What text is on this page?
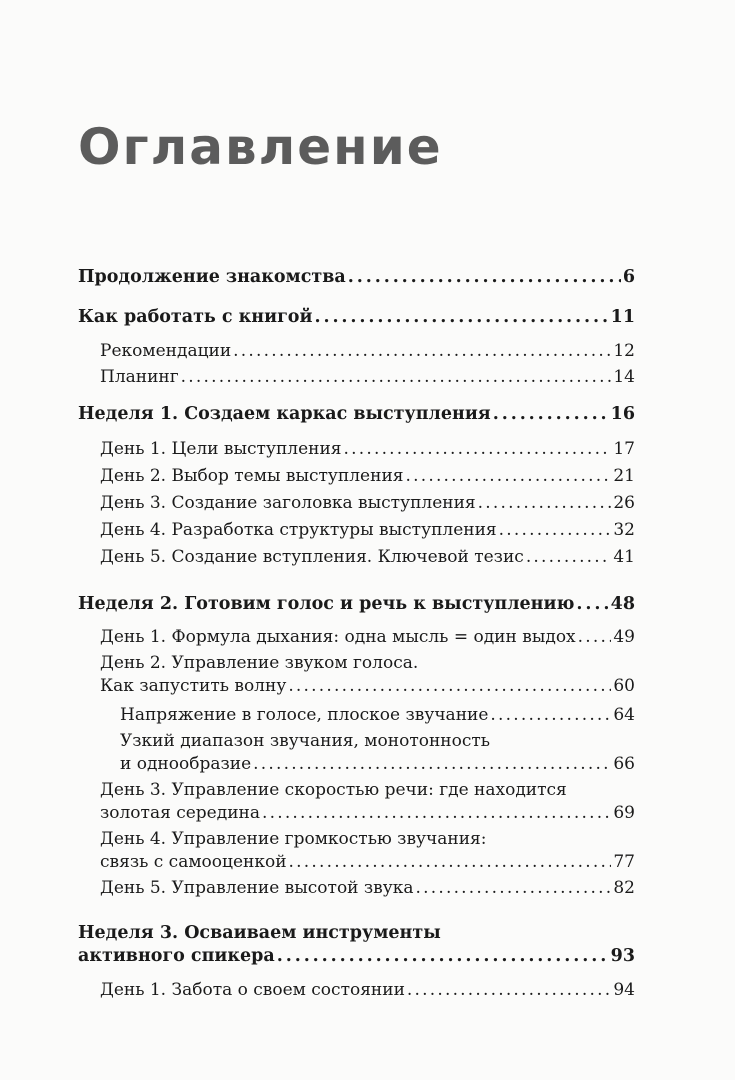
Оглавление
Продолжение знакомства . . .	6
Как работать с книгой . . .	11
Рекомендации . . .	12
Планинг . . .	14
Неделя 1. Создаем каркас выступления . . .	16
День 1. Цели выступления . . .	17
День 2. Выбор темы выступления . . .	21
День 3. Создание заголовка выступления . . .	26
День 4. Разработка структуры выступления . . .	32
День 5. Создание вступления. Ключевой тезис . . .	41
Неделя 2. Готовим голос и речь к выступлению . . . 48
День 1. Формула дыхания: одна мысль = один выдох . . . 49
День 2. Управление звуком голоса.
Как запустить волну . . .	60
Напряжение в голосе, плоское звучание . . .	64
Узкий диапазон звучания, монотонность
и однообразие . . .	66
День 3. Управление скоростью речи: где находится
золотая середина . . .	69
День 4. Управление громкостью звучания:
связь с самооценкой . . .	77
День 5. Управление высотой звука . . .	82
Неделя 3. Осваиваем инструменты
активного спикера . . .	93
День 1. Забота о своем состоянии . . .	94
